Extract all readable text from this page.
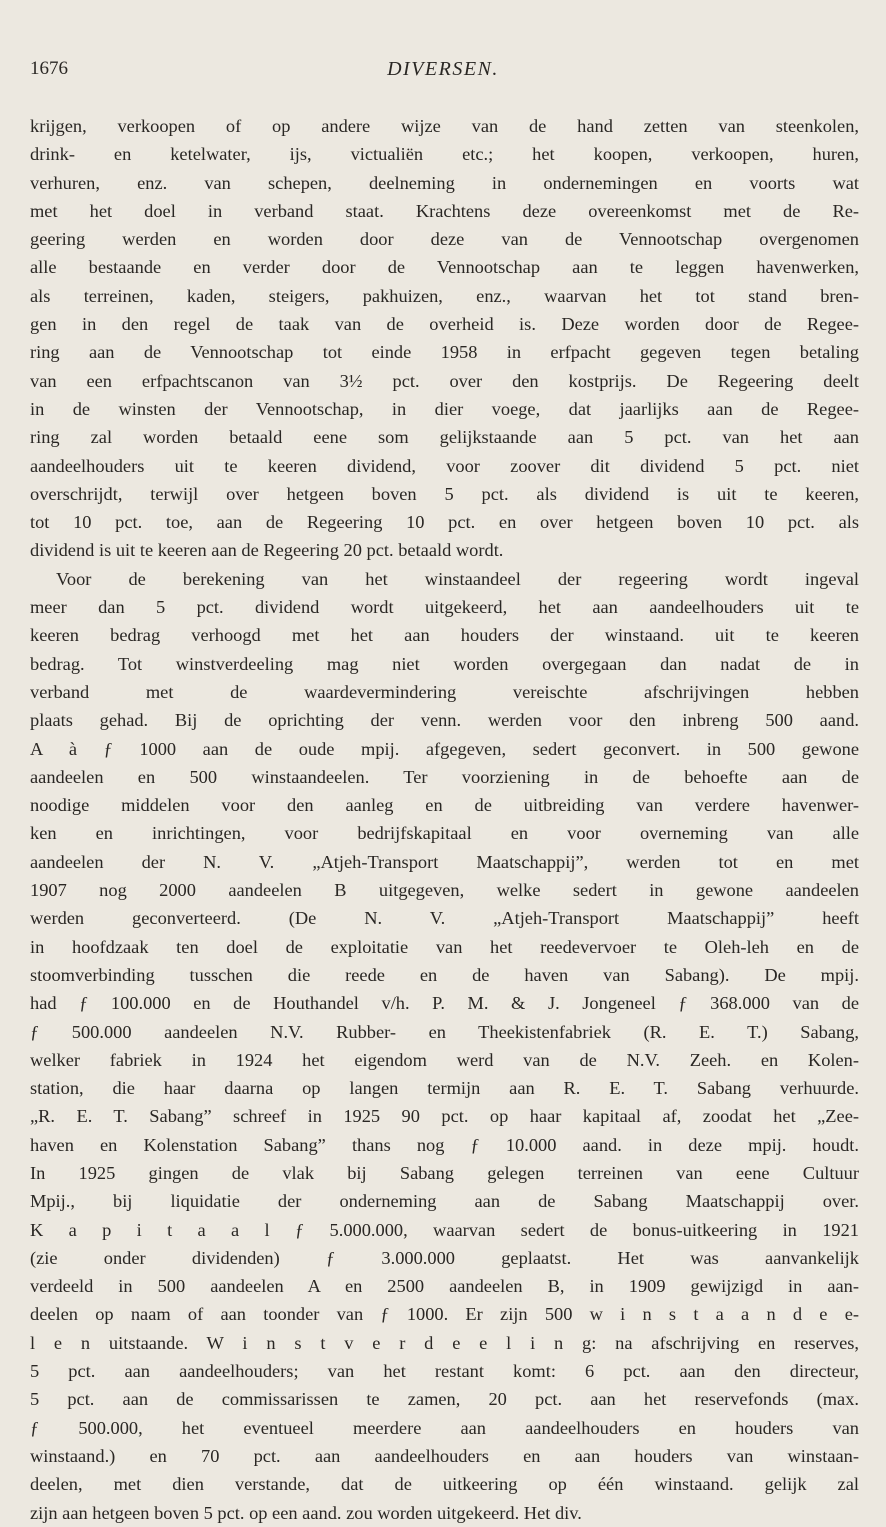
1676	DIVERSEN.
krijgen, verkoopen of op andere wijze van de hand zetten van steenkolen,
drink- en ketelwater, ijs, victualiën etc.; het koopen, verkoopen, huren,
verhuren, enz. van schepen, deelneming in ondernemingen en voorts wat
met het doel in verband staat. Krachtens deze overeenkomst met de Re-
geering werden en worden door deze van de Vennootschap overgenomen
alle bestaande en verder door de Vennootschap aan te leggen havenwerken,
als terreinen, kaden, steigers, pakhuizen, enz., waarvan het tot stand bren-
gen in den regel de taak van de overheid is. Deze worden door de Regee-
ring aan de Vennootschap tot einde 1958 in erfpacht gegeven tegen betaling
van een erfpachtscanon van 3½ pct. over den kostprijs. De Regeering deelt
in de winsten der Vennootschap, in dier voege, dat jaarlijks aan de Regee-
ring zal worden betaald eene som gelijkstaande aan 5 pct. van het aan
aandeelhouders uit te keeren dividend, voor zoover dit dividend 5 pct. niet
overschrijdt, terwijl over hetgeen boven 5 pct. als dividend is uit te keeren,
tot 10 pct. toe, aan de Regeering 10 pct. en over hetgeen boven 10 pct. als
dividend is uit te keeren aan de Regeering 20 pct. betaald wordt.
Voor de berekening van het winstaandeel der regeering wordt ingeval
meer dan 5 pct. dividend wordt uitgekeerd, het aan aandeelhouders uit te
keeren bedrag verhoogd met het aan houders der winstaand. uit te keeren
bedrag. Tot winstverdeeling mag niet worden overgegaan dan nadat de in
verband met de waardevermindering vereischte afschrijvingen hebben
plaats gehad. Bij de oprichting der venn. werden voor den inbreng 500 aand.
A à ƒ 1000 aan de oude mpij. afgegeven, sedert geconvert. in 500 gewone
aandeelen en 500 winstaandeelen. Ter voorziening in de behoefte aan de
noodige middelen voor den aanleg en de uitbreiding van verdere havenwer-
ken en inrichtingen, voor bedrijfskapitaal en voor overneming van alle
aandeelen der N. V. „Atjeh-Transport Maatschappij”, werden tot en met
1907 nog 2000 aandeelen B uitgegeven, welke sedert in gewone aandeelen
werden geconverteerd. (De N. V. „Atjeh-Transport Maatschappij” heeft
in hoofdzaak ten doel de exploitatie van het reedevervoer te Oleh-leh en de
stoomverbinding tusschen die reede en de haven van Sabang). De mpij.
had ƒ 100.000 en de Houthandel v/h. P. M. & J. Jongeneel ƒ 368.000 van de
ƒ 500.000 aandeelen N.V. Rubber- en Theekistenfabriek (R. E. T.) Sabang,
welker fabriek in 1924 het eigendom werd van de N.V. Zeeh. en Kolen-
station, die haar daarna op langen termijn aan R. E. T. Sabang verhuurde.
„R. E. T. Sabang” schreef in 1925 90 pct. op haar kapitaal af, zoodat het „Zee-
haven en Kolenstation Sabang” thans nog ƒ 10.000 aand. in deze mpij. houdt.
In 1925 gingen de vlak bij Sabang gelegen terreinen van eene Cultuur
Mpij., bij liquidatie der onderneming aan de Sabang Maatschappij over.
K a p i t a a l ƒ 5.000.000, waarvan sedert de bonus-uitkeering in 1921
(zie onder dividenden) ƒ 3.000.000 geplaatst. Het was aanvankelijk
verdeeld in 500 aandeelen A en 2500 aandeelen B, in 1909 gewijzigd in aan-
deelen op naam of aan toonder van ƒ 1000. Er zijn 500 w i n s t a a n d e e-
l e n uitstaande. W i n s t v e r d e e l i n g: na afschrijving en reserves,
5 pct. aan aandeelhouders; van het restant komt: 6 pct. aan den directeur,
5 pct. aan de commissarissen te zamen, 20 pct. aan het reservefonds (max.
ƒ 500.000, het eventueel meerdere aan aandeelhouders en houders van
winstaand.) en 70 pct. aan aandeelhouders en aan houders van winstaan-
deelen, met dien verstande, dat de uitkeering op één winstaand. gelijk zal
zijn aan hetgeen boven 5 pct. op een aand. zou worden uitgekeerd. Het div.
